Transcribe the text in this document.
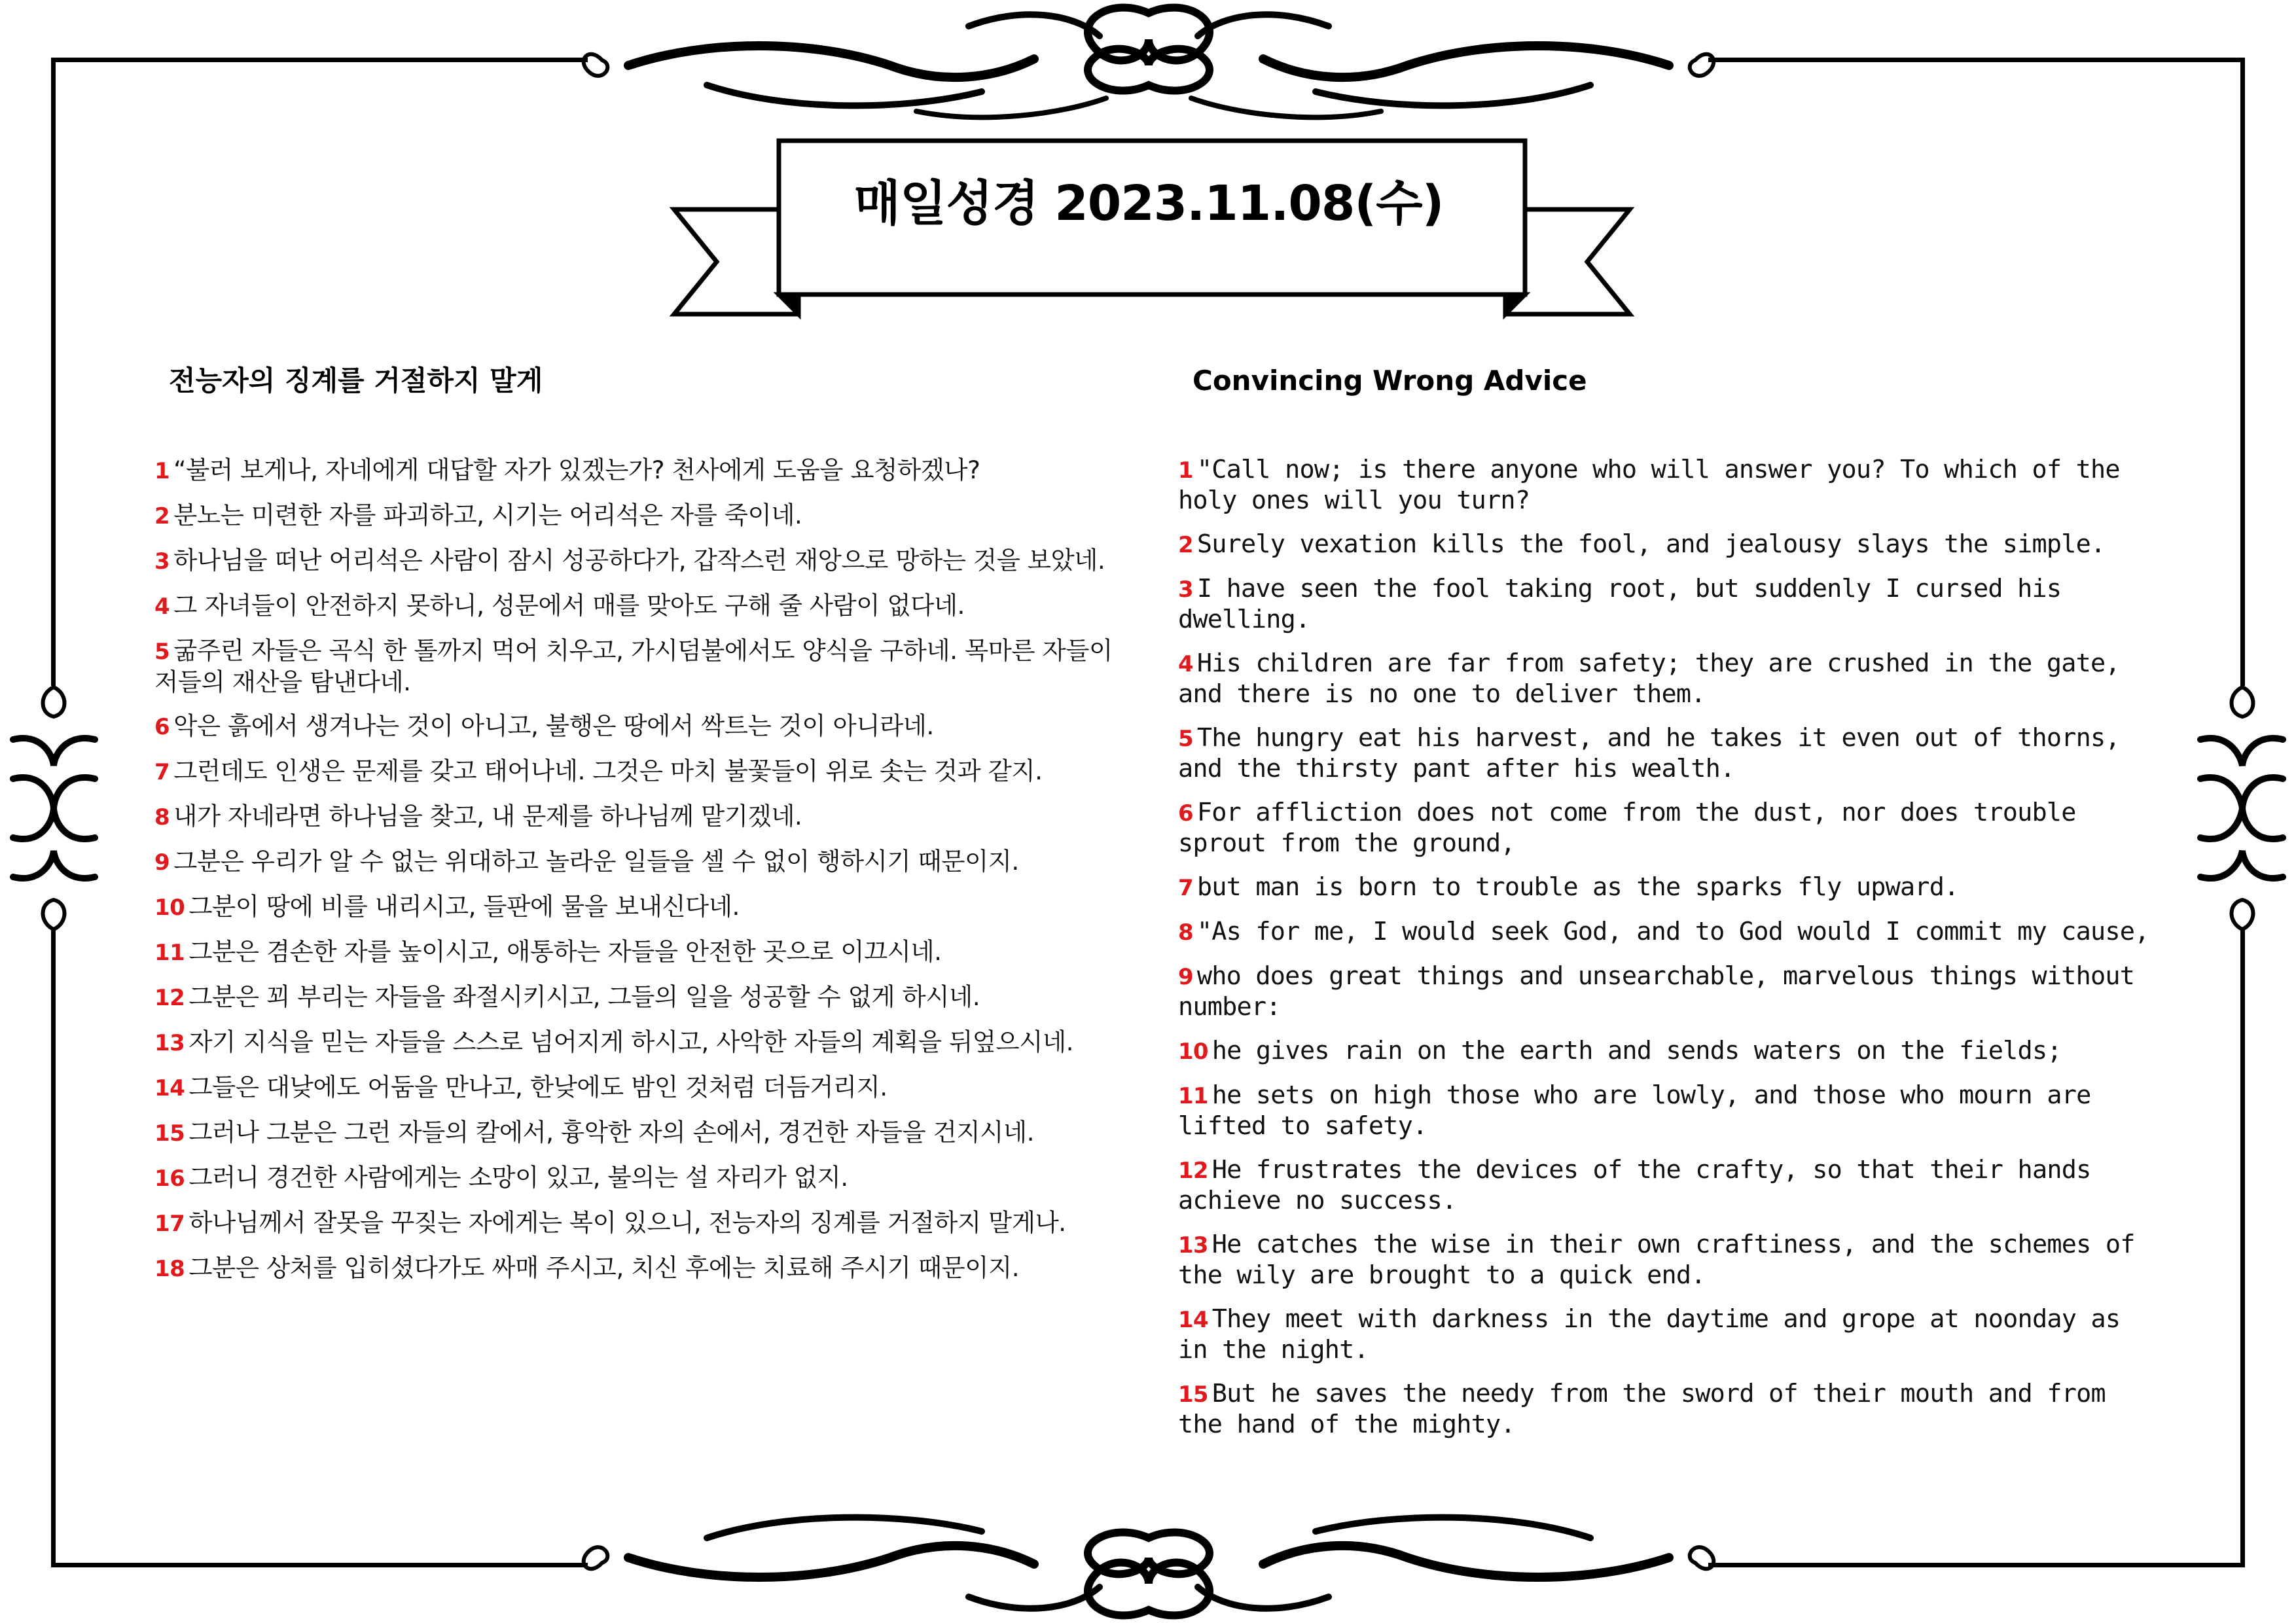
매일성경 2023.11.08(수)
전능자의 징계를 거절하지 말게
1 “불러 보게나, 자네에게 대답할 자가 있겠는가? 천사에게 도움을 요청하겠나?
2 분노는 미련한 자를 파괴하고, 시기는 어리석은 자를 죽이네.
3 하나님을 떠난 어리석은 사람이 잠시 성공하다가, 갑작스런 재앙으로 망하는 것을 보았네.
4 그 자녀들이 안전하지 못하니, 성문에서 매를 맞아도 구해 줄 사람이 없다네.
5 굶주린 자들은 곡식 한 톨까지 먹어 치우고, 가시덤불에서도 양식을 구하네. 목마른 자들이 저들의 재산을 탐낸다네.
6 악은 흙에서 생겨나는 것이 아니고, 불행은 땅에서 싹트는 것이 아니라네.
7 그런데도 인생은 문제를 갖고 태어나네. 그것은 마치 불꽃들이 위로 솟는 것과 같지.
8 내가 자네라면 하나님을 찾고, 내 문제를 하나님께 맡기겠네.
9 그분은 우리가 알 수 없는 위대하고 놀라운 일들을 셀 수 없이 행하시기 때문이지.
10 그분이 땅에 비를 내리시고, 들판에 물을 보내신다네.
11 그분은 겸손한 자를 높이시고, 애통하는 자들을 안전한 곳으로 이끄시네.
12 그분은 꾀 부리는 자들을 좌절시키시고, 그들의 일을 성공할 수 없게 하시네.
13 자기 지식을 믿는 자들을 스스로 넘어지게 하시고, 사악한 자들의 계획을 뒤엎으시네.
14 그들은 대낮에도 어둠을 만나고, 한낮에도 밤인 것처럼 더듬거리지.
15 그러나 그분은 그런 자들의 칼에서, 흉악한 자의 손에서, 경건한 자들을 건지시네.
16 그러니 경건한 사람에게는 소망이 있고, 불의는 설 자리가 없지.
17 하나님께서 잘못을 꾸짖는 자에게는 복이 있으니, 전능자의 징계를 거절하지 말게나.
18 그분은 상처를 입히셨다가도 싸매 주시고, 치신 후에는 치료해 주시기 때문이지.
Convincing Wrong Advice
1 "Call now; is there anyone who will answer you? To which of the holy ones will you turn?
2 Surely vexation kills the fool, and jealousy slays the simple.
3 I have seen the fool taking root, but suddenly I cursed his dwelling.
4 His children are far from safety; they are crushed in the gate, and there is no one to deliver them.
5 The hungry eat his harvest, and he takes it even out of thorns, and the thirsty pant after his wealth.
6 For affliction does not come from the dust, nor does trouble sprout from the ground,
7 but man is born to trouble as the sparks fly upward.
8 "As for me, I would seek God, and to God would I commit my cause,
9 who does great things and unsearchable, marvelous things without number:
10 he gives rain on the earth and sends waters on the fields;
11 he sets on high those who are lowly, and those who mourn are lifted to safety.
12 He frustrates the devices of the crafty, so that their hands achieve no success.
13 He catches the wise in their own craftiness, and the schemes of the wily are brought to a quick end.
14 They meet with darkness in the daytime and grope at noonday as in the night.
15 But he saves the needy from the sword of their mouth and from the hand of the mighty.
